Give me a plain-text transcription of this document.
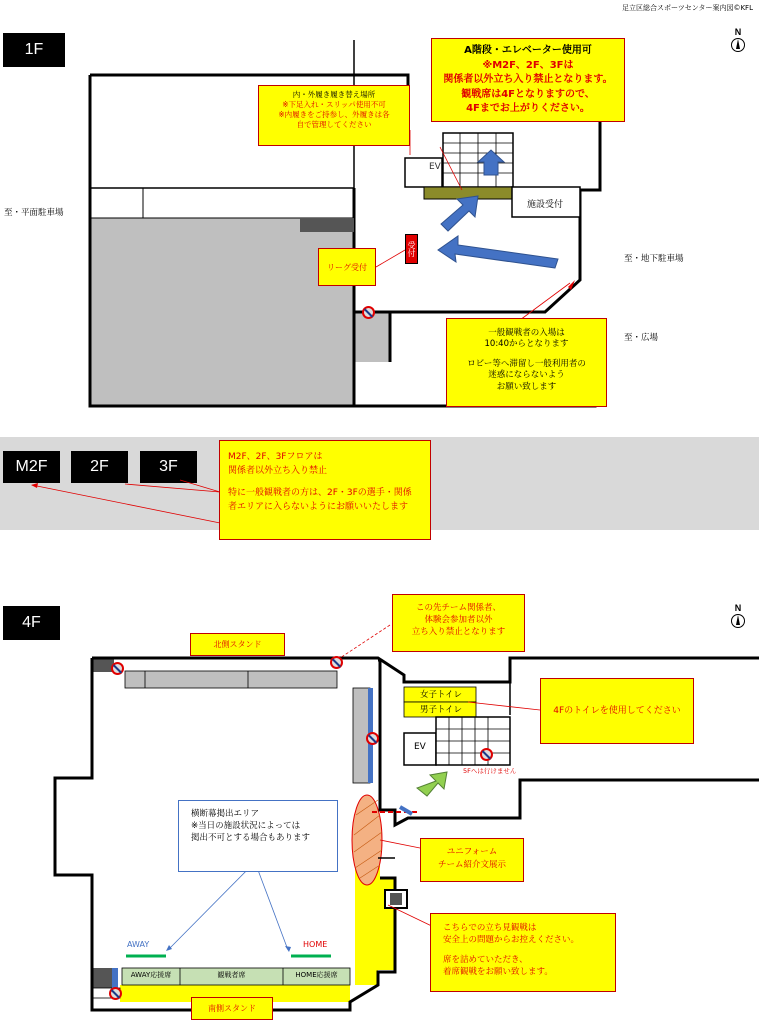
足立区総合スポーツセンター案内図©KFL
1F
N
EV
施設受付
受付
リーグ受付
内・外履き履き替え場所
※下足入れ・スリッパ使用不可
※内履きをご持参し、外履きは各
自で管理してください
A階段・エレベーター使用可
※M2F、2F、3Fは
関係者以外立ち入り禁止となります。
観戦席は4Fとなりますので、
4Fまでお上がりください。
至・平面駐車場
至・地下駐車場
至・広場
一般観戦者の入場は
10:40からとなります
ロビー等へ滞留し一般利用者の
迷惑にならないよう
お願い致します
M2F	2F	3F
M2F、2F、3Fフロアは
関係者以外立ち入り禁止
特に一般観戦者の方は、2F・3Fの選手・関係
者エリアに入らないようにお願いいたします
4F
N
北側スタンド
南側スタンド
女子トイレ
男子トイレ
EV
5Fへは行けません
この先チーム関係者、
体験会参加者以外
立ち入り禁止となります
4Fのトイレを使用してください
横断幕掲出エリア
※当日の施設状況によっては
掲出不可とする場合もあります
ユニフォーム
チーム紹介文展示
こちらでの立ち見観戦は
安全上の問題からお控えください。
席を詰めていただき、
着席観戦をお願い致します。
AWAY	HOME
AWAY応援席	観戦者席	HOME応援席
